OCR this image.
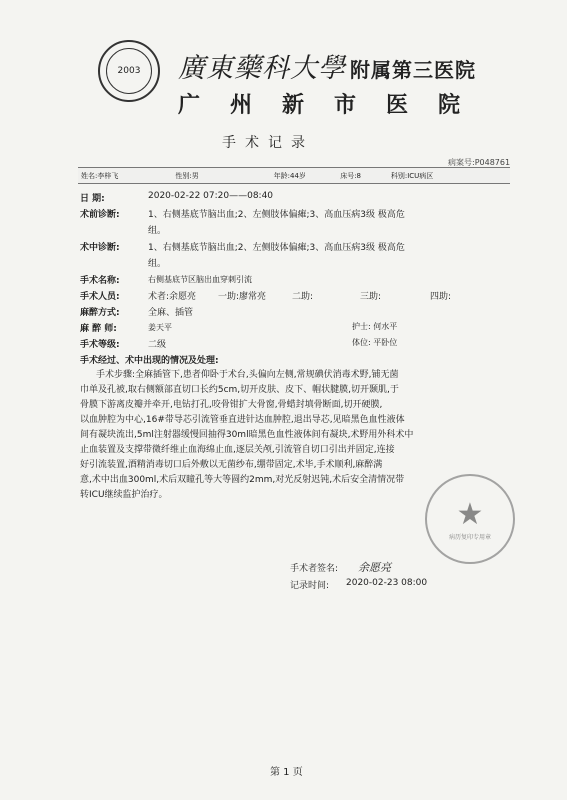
2003 廣東藥科大學 附属第三医院
广州新市医院
手术记录
病案号:P048761
姓名:李梓飞	性别:男	年龄:44岁	床号:8	科别:ICU病区
日 期:	2020-02-22 07:20——08:40
术前诊断:	1、右侧基底节脑出血;2、左侧肢体偏瘫;3、高血压病3级 极高危
组。
术中诊断:	1、右侧基底节脑出血;2、左侧肢体偏瘫;3、高血压病3级 极高危
组。
手术名称:	右侧基底节区脑出血穿刺引流
手术人员:	术者:余愿亮 一助:廖常亮	二助:	三助:	四助:
麻醉方式:	全麻、插管
麻 醉 师:	姜天平	护士: 何水平
手术等级:	二级	体位: 平卧位
手术经过、术中出现的情况及处理:
手术步骤:全麻插管下,患者仰卧于术台,头偏向左侧,常规碘伏消毒术野,铺无菌
巾单及孔被,取右侧额部直切口长约5cm,切开皮肤、皮下、帽状腱膜,切开颞肌,于
骨膜下游离皮瓣并牵开,电钻打孔,咬骨钳扩大骨窗,骨蜡封填骨断面,切开硬膜,
以血肿腔为中心,16#带导芯引流管垂直进针达血肿腔,退出导芯,见暗黑色血性液体
间有凝块流出,5ml注射器缓慢回抽得30ml暗黑色血性液体间有凝块,术野用外科术中
止血装置及支撑带微纤维止血海绵止血,逐层关颅,引流管自切口引出并固定,连接
好引流装置,酒精消毒切口后外敷以无菌纱布,绷带固定,术毕,手术顺利,麻醉满
意,术中出血300ml,术后双瞳孔等大等圆约2mm,对光反射迟钝,术后安全清情况带
转ICU继续监护治疗。
★
病历复印专用章
手术者签名: 余愿亮
记录时间: 2020-02-23 08:00
第 1 页
